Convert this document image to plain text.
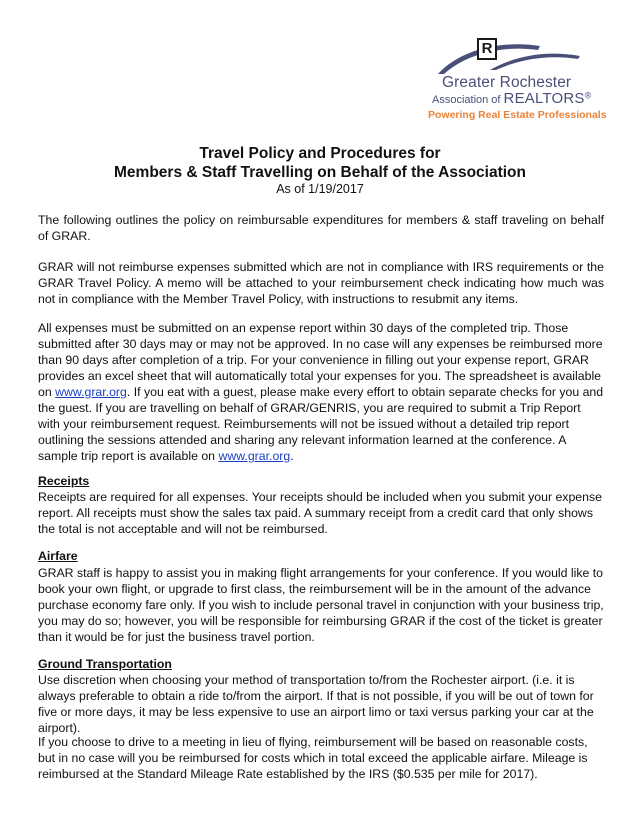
R
Greater Rochester
Association of REALTORS®
Powering Real Estate Professionals
Travel Policy and Procedures for
Members & Staff Travelling on Behalf of the Association
As of 1/19/2017

The following outlines the policy on reimbursable expenditures for members & staff traveling on behalf of GRAR.

GRAR will not reimburse expenses submitted which are not in compliance with IRS requirements or the GRAR Travel Policy. A memo will be attached to your reimbursement check indicating how much was not in compliance with the Member Travel Policy, with instructions to resubmit any items.

All expenses must be submitted on an expense report within 30 days of the completed trip. Those submitted after 30 days may or may not be approved. In no case will any expenses be reimbursed more than 90 days after completion of a trip. For your convenience in filling out your expense report, GRAR provides an excel sheet that will automatically total your expenses for you. The spreadsheet is available on www.grar.org. If you eat with a guest, please make every effort to obtain separate checks for you and the guest. If you are travelling on behalf of GRAR/GENRIS, you are required to submit a Trip Report with your reimbursement request. Reimbursements will not be issued without a detailed trip report outlining the sessions attended and sharing any relevant information learned at the conference. A sample trip report is available on www.grar.org.

Receipts

Receipts are required for all expenses. Your receipts should be included when you submit your expense report. All receipts must show the sales tax paid. A summary receipt from a credit card that only shows the total is not acceptable and will not be reimbursed.

Airfare

GRAR staff is happy to assist you in making flight arrangements for your conference. If you would like to book your own flight, or upgrade to first class, the reimbursement will be in the amount of the advance purchase economy fare only. If you wish to include personal travel in conjunction with your business trip, you may do so; however, you will be responsible for reimbursing GRAR if the cost of the ticket is greater than it would be for just the business travel portion.

Ground Transportation

Use discretion when choosing your method of transportation to/from the Rochester airport. (i.e. it is always preferable to obtain a ride to/from the airport. If that is not possible, if you will be out of town for five or more days, it may be less expensive to use an airport limo or taxi versus parking your car at the airport).

If you choose to drive to a meeting in lieu of flying, reimbursement will be based on reasonable costs, but in no case will you be reimbursed for costs which in total exceed the applicable airfare. Mileage is reimbursed at the Standard Mileage Rate established by the IRS ($0.535 per mile for 2017).
